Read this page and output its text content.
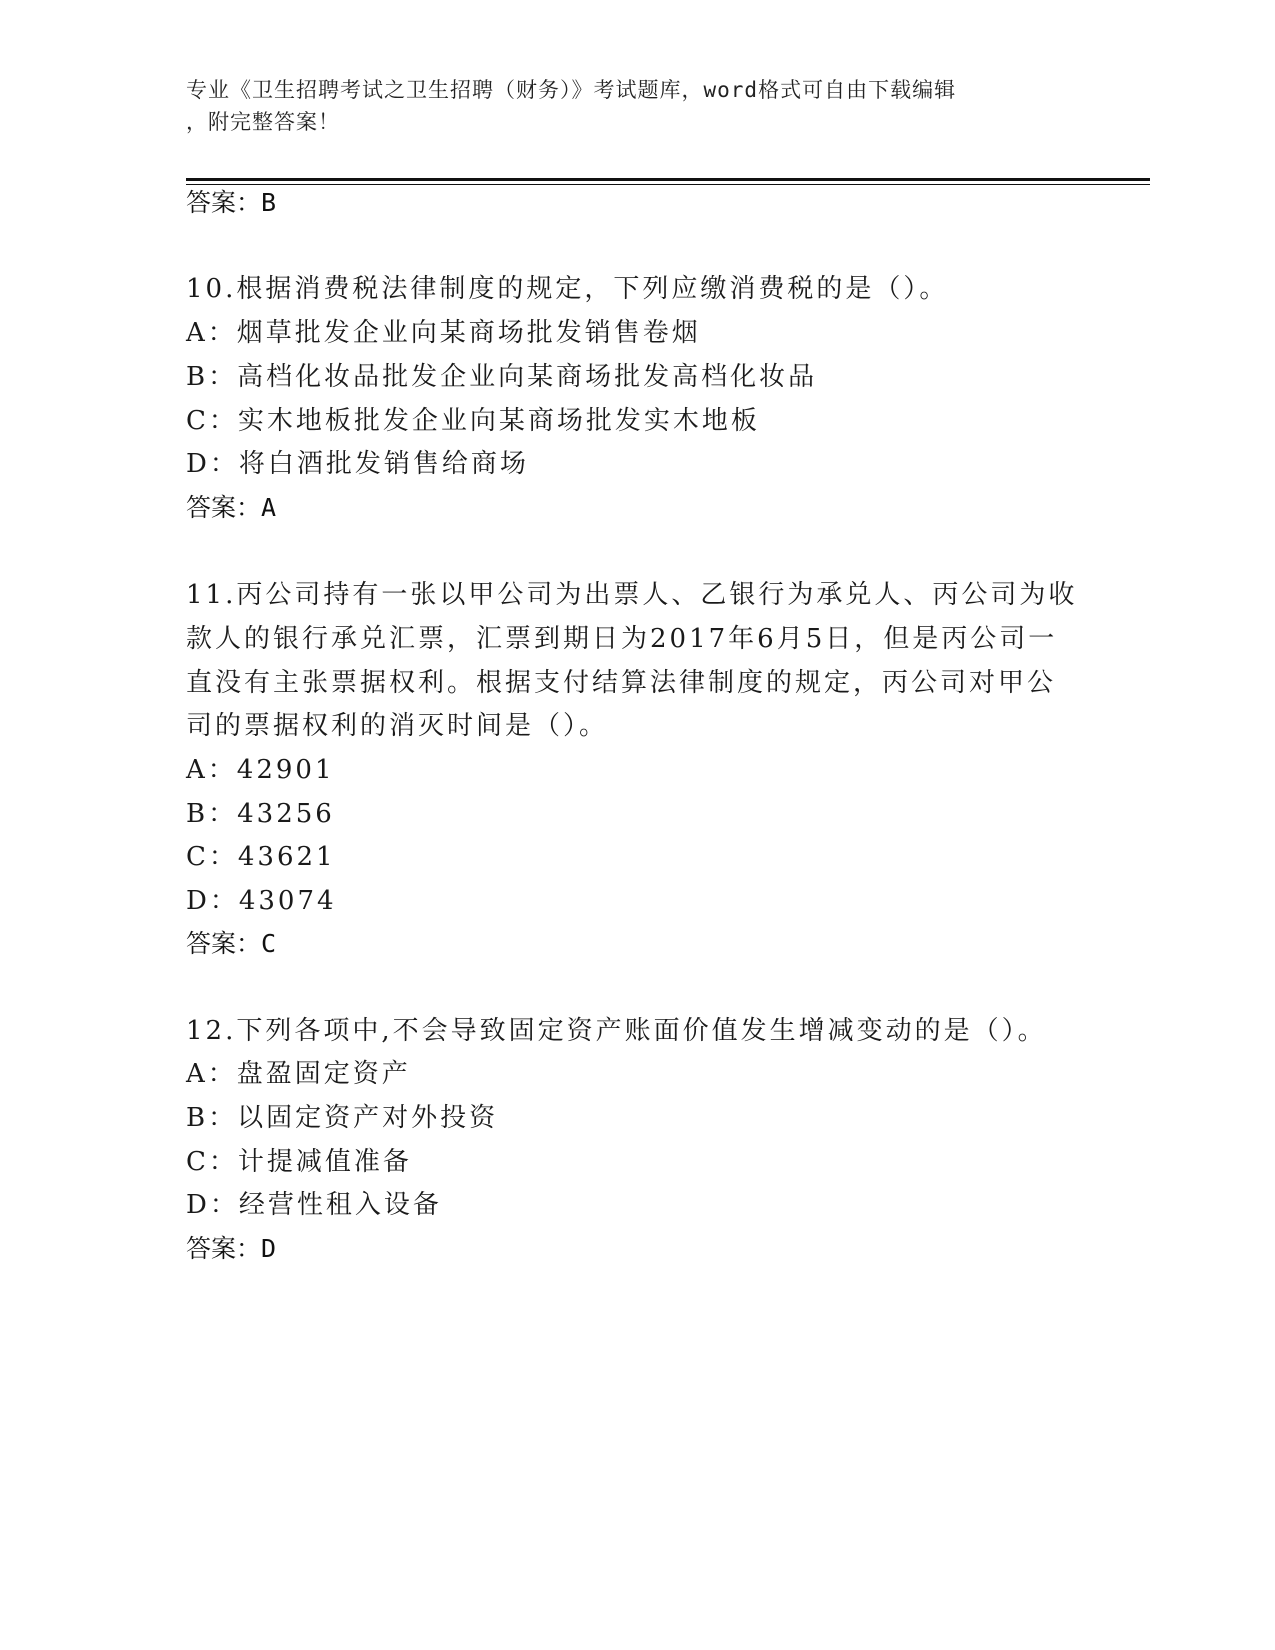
专业《卫生招聘考试之卫生招聘（财务）》考试题库，word格式可自由下载编辑
，附完整答案！
答案：B
10.根据消费税法律制度的规定，下列应缴消费税的是（）。
A：烟草批发企业向某商场批发销售卷烟
B：高档化妆品批发企业向某商场批发高档化妆品
C：实木地板批发企业向某商场批发实木地板
D：将白酒批发销售给商场
答案：A
11.丙公司持有一张以甲公司为出票人、乙银行为承兑人、丙公司为收
款人的银行承兑汇票，汇票到期日为2017年6月5日，但是丙公司一
直没有主张票据权利。根据支付结算法律制度的规定，丙公司对甲公
司的票据权利的消灭时间是（）。
A：42901
B：43256
C：43621
D：43074
答案：C
12.下列各项中,不会导致固定资产账面价值发生增减变动的是（）。
A：盘盈固定资产
B：以固定资产对外投资
C：计提减值准备
D：经营性租入设备
答案：D
